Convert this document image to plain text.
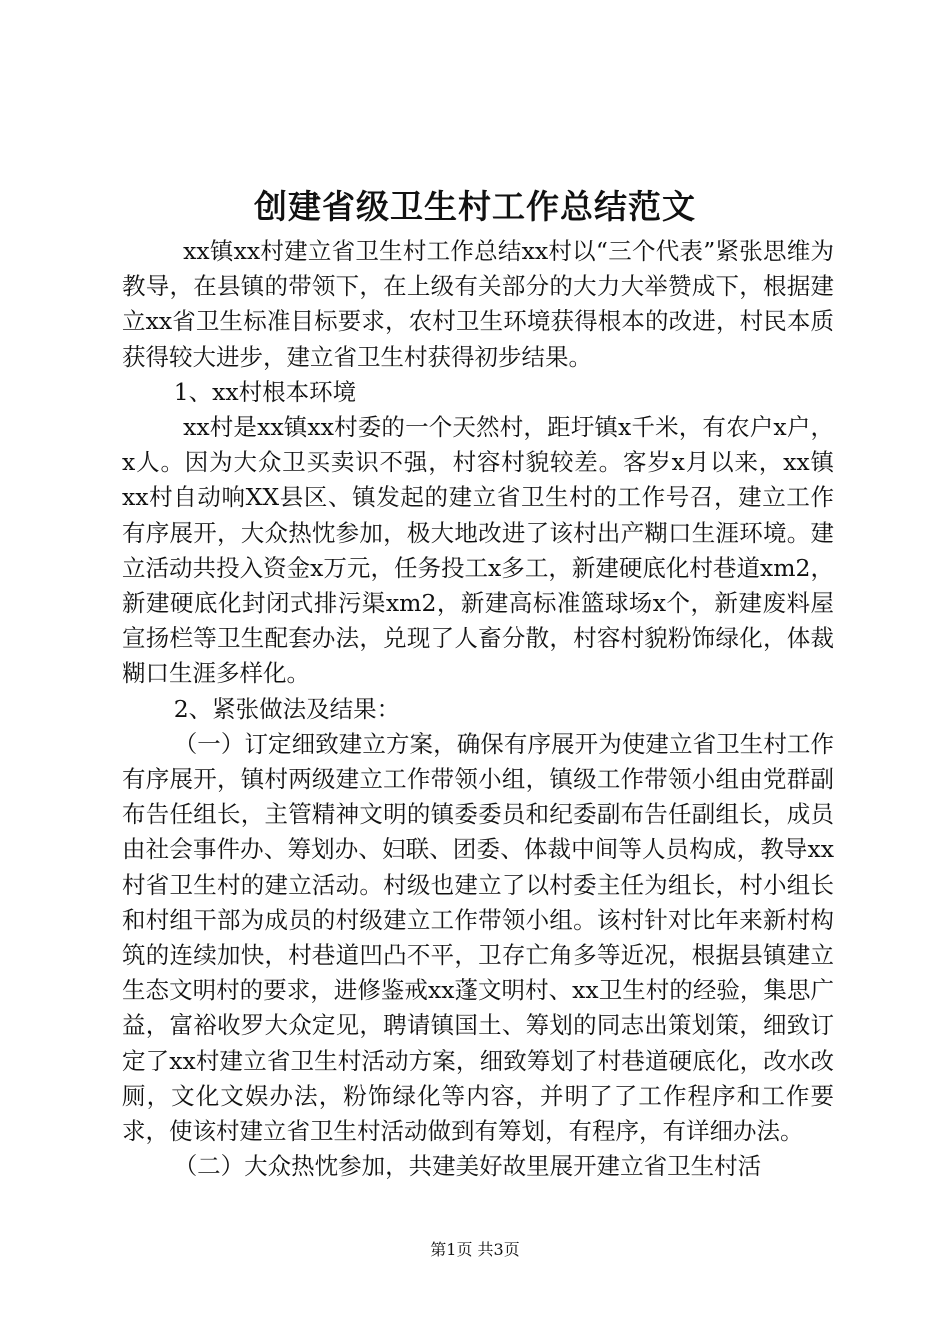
创建省级卫生村工作总结范文

xx镇xx村建立省卫生村工作总结xx村以“三个代表”紧张思维为教导，在县镇的带领下，在上级有关部分的大力大举赞成下，根据建立xx省卫生标准目标要求，农村卫生环境获得根本的改进，村民本质获得较大进步，建立省卫生村获得初步结果。

1、xx村根本环境

xx村是xx镇xx村委的一个天然村，距圩镇x千米，有农户x户，x人。因为大众卫买卖识不强，村容村貌较差。客岁x月以来，xx镇xx村自动响XX县区、镇发起的建立省卫生村的工作号召，建立工作有序展开，大众热忱参加，极大地改进了该村出产糊口生涯环境。建立活动共投入资金x万元，任务投工x多工，新建硬底化村巷道xm2，新建硬底化封闭式排污渠xm2，新建高标准篮球场x个，新建废料屋宣扬栏等卫生配套办法，兑现了人畜分散，村容村貌粉饰绿化，体裁糊口生涯多样化。

2、紧张做法及结果：

（一）订定细致建立方案，确保有序展开为使建立省卫生村工作有序展开，镇村两级建立工作带领小组，镇级工作带领小组由党群副布告任组长，主管精神文明的镇委委员和纪委副布告任副组长，成员由社会事件办、筹划办、妇联、团委、体裁中间等人员构成，教导xx村省卫生村的建立活动。村级也建立了以村委主任为组长，村小组长和村组干部为成员的村级建立工作带领小组。该村针对比年来新村构筑的连续加快，村巷道凹凸不平，卫存亡角多等近况，根据县镇建立生态文明村的要求，进修鉴戒xx蓬文明村、xx卫生村的经验，集思广益，富裕收罗大众定见，聘请镇国土、筹划的同志出策划策，细致订定了xx村建立省卫生村活动方案，细致筹划了村巷道硬底化，改水改厕，文化文娱办法，粉饰绿化等内容，并明了了工作程序和工作要求，使该村建立省卫生村活动做到有筹划，有程序，有详细办法。

（二）大众热忱参加，共建美好故里展开建立省卫生村活

第1页 共3页
